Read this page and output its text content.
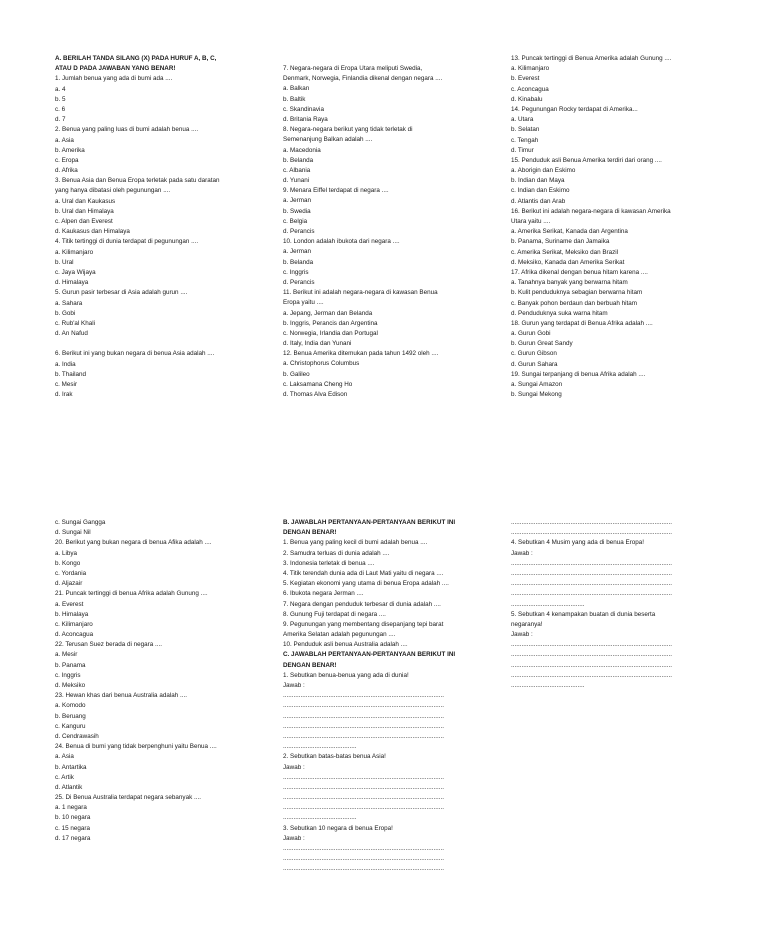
A. BERILAH TANDA SILANG (X) PADA HURUF A, B, C,
ATAU D PADA JAWABAN YANG BENAR!
1. Jumlah benua yang ada di bumi ada ....
a. 4
b. 5
c. 6
d. 7
2. Benua yang paling luas di bumi adalah benua ....
a. Asia
b. Amerika
c. Eropa
d. Afrika
3. Benua Asia dan Benua Eropa terletak pada satu daratan
yang hanya dibatasi oleh pegunungan ....
a. Ural dan Kaukasus
b. Ural dan Himalaya
c. Alpen dan Everest
d. Kaukasus dan Himalaya
4. Titik tertinggi di dunia terdapat di pegunungan ....
a. Kilimanjaro
b. Ural
c. Jaya Wijaya
d. Himalaya
5. Gurun pasir terbesar di Asia adalah gurun ....
a. Sahara
b. Gobi
c. Rub'al Khali
d. An Nafud
6. Berikut ini yang bukan negara di benua Asia adalah ....
a. India
b. Thailand
c. Mesir
d. Irak
7. Negara-negara di Eropa Utara meliputi Swedia,
Denmark, Norwegia, Finlandia dikenal dengan negara ....
a. Balkan
b. Baltik
c. Skandinavia
d. Britania Raya
8. Negara-negara berikut yang tidak terletak di
Semenanjung Balkan adalah ....
a. Macedonia
b. Belanda
c. Albania
d. Yunani
9. Menara Eiffel terdapat di negara ....
a. Jerman
b. Swedia
c. Belgia
d. Perancis
10. London adalah ibukota dari negara ....
a. Jerman
b. Belanda
c. Inggris
d. Perancis
11. Berikut ini adalah negara-negara di kawasan Benua
Eropa yaitu ....
a. Jepang, Jerman dan Belanda
b. Inggris, Perancis dan Argentina
c. Norwegia, Irlandia dan Portugal
d. Italy, India dan Yunani
12. Benua Amerika ditemukan pada tahun 1492 oleh ....
a. Christophorus Columbus
b. Galileo
c. Laksamana Cheng Ho
d. Thomas Alva Edison
13. Puncak tertinggi di Benua Amerika adalah Gunung ....
a. Kilimanjaro
b. Everest
c. Aconcagua
d. Kinabalu
14. Pegunungan Rocky terdapat di Amerika...
a. Utara
b. Selatan
c. Tengah
d. Timur
15. Penduduk asli Benua Amerika terdiri dari orang ....
a. Aborigin dan Eskimo
b. Indian dan Maya
c. Indian dan Eskimo
d. Atlantis dan Arab
16. Berikut ini adalah negara-negara di kawasan Amerika
Utara yaitu ....
a. Amerika Serikat, Kanada dan Argentina
b. Panama, Suriname dan Jamaika
c. Amerika Serikat, Meksiko dan Brazil
d. Meksiko, Kanada dan Amerika Serikat
17. Afrika dikenal dengan benua hitam karena ....
a. Tanahnya banyak yang berwarna hitam
b. Kulit penduduknya sebagian berwarna hitam
c. Banyak pohon berdaun dan berbuah hitam
d. Penduduknya suka warna hitam
18. Gurun yang terdapat di Benua Afrika adalah ....
a. Gurun Gobi
b. Gurun Great Sandy
c. Gurun Gibson
d. Gurun Sahara
19. Sungai terpanjang di benua Afrika adalah ....
a. Sungai Amazon
b. Sungai Mekong
c. Sungai Gangga
d. Sungai Nil
20. Berikut yang bukan negara di benua Afika adalah ....
a. Libya
b. Kongo
c. Yordania
d. Aljazair
21. Puncak tertinggi di benua Afrika adalah Gunung ....
a. Everest
b. Himalaya
c. Kilimanjaro
d. Aconcagua
22. Terusan Suez berada di negara ....
a. Mesir
b. Panama
c. Inggris
d. Meksiko
23. Hewan khas dari benua Australia adalah ....
a. Komodo
b. Beruang
c. Kanguru
d. Cendrawasih
24. Benua di bumi yang tidak berpenghuni yaitu Benua ....
a. Asia
b. Antartika
c. Artik
d. Atlantik
25. Di Benua Australia terdapat negara sebanyak ....
a. 1 negara
b. 10 negara
c. 15 negara
d. 17 negara
B. JAWABLAH PERTANYAAN-PERTANYAAN BERIKUT INI
DENGAN BENAR!
1. Benua yang paling kecil di bumi adalah benua ....
2. Samudra terluas di dunia adalah ....
3. Indonesia terletak di benua ....
4. Titik terendah dunia ada di Laut Mati yaitu di negara ....
5. Kegiatan ekonomi yang utama di benua Eropa adalah ....
6. Ibukota negara Jerman ....
7. Negara dengan penduduk terbesar di dunia adalah ....
8. Gunung Fuji terdapat di negara ....
9. Pegunungan yang membentang disepanjang tepi barat
Amerika Selatan adalah pegunungan ....
10. Penduduk asli benua Australia adalah ....
C. JAWABLAH PERTANYAAN-PERTANYAAN BERIKUT INI
DENGAN BENAR!
1. Sebutkan benua-benua yang ada di dunia!
Jawab :
............................................................................................
............................................................................................
............................................................................................
............................................................................................
............................................................................................
..........................................
2. Sebutkan batas-batas benua Asia!
Jawab :
............................................................................................
............................................................................................
............................................................................................
............................................................................................
..........................................
3. Sebutkan 10 negara di benua Eropa!
Jawab :
............................................................................................
............................................................................................
............................................................................................
............................................................................................
............................................................................................
4. Sebutkan 4 Musim yang ada di benua Eropa!
Jawab :
............................................................................................
............................................................................................
............................................................................................
............................................................................................
..........................................
5. Sebutkan 4 kenampakan buatan di dunia beserta
negaranya!
Jawab :
............................................................................................
............................................................................................
............................................................................................
............................................................................................
..........................................
